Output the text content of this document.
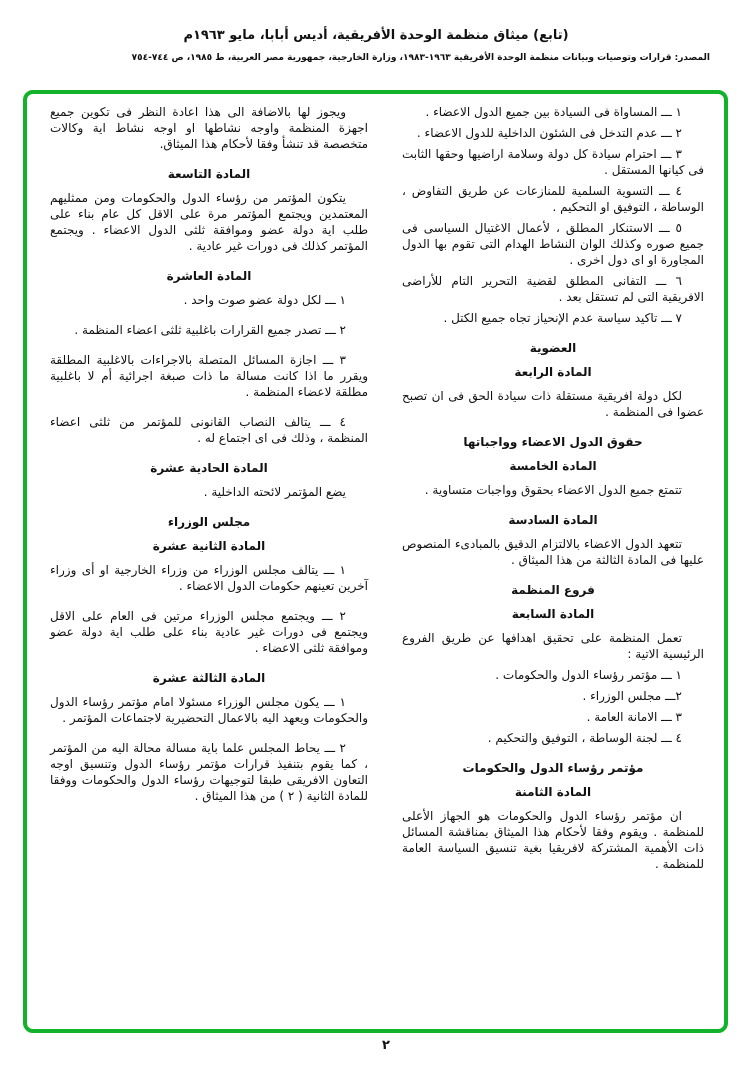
(تابع) ميثاق منظمة الوحدة الأفريقية، أديس أبابا، مايو ١٩٦٣م
المصدر: قرارات وتوصيات وبيانات منظمة الوحدة الأفريقية ١٩٦٣-١٩٨٣، وزارة الخارجية، جمهورية مصر العربية، ط ١٩٨٥، ص ٧٤٤-٧٥٤
١ ـــ المساواة فى السيادة بين جميع الدول الاعضاء .
٢ ـــ عدم التدخل فى الشئون الداخلية للدول الاعضاء .
٣ ـــ احترام سيادة كل دولة وسلامة اراضيها وحقها الثابت فى كيانها المستقل .
٤ ـــ التسوية السلمية للمنازعات عن طريق التفاوض ، الوساطة ، التوفيق او التحكيم .
٥ ـــ الاستنكار المطلق ، لأعمال الاغتيال السياسى فى جميع صوره وكذلك الوان النشاط الهدام التى تقوم بها الدول المجاورة او اى دول اخرى .
٦ ـــ التفانى المطلق لقضية التحرير التام للأراضى الافريقية التى لم تستقل بعد .
٧ ـــ تاكيد سياسة عدم الإنحياز تجاه جميع الكتل .
العضوية
المادة الرابعة
لكل دولة افريقية مستقلة ذات سيادة الحق فى ان تصبح عضوا فى المنظمة .
حقوق الدول الاعضاء وواجباتها
المادة الخامسة
تتمتع جميع الدول الاعضاء بحقوق وواجبات متساوية .
المادة السادسة
تتعهد الدول الاعضاء بالالتزام الدقيق بالمبادىء المنصوص عليها فى المادة الثالثة من هذا الميثاق .
فروع المنظمة
المادة السابعة
تعمل المنظمة على تحقيق اهدافها عن طريق الفروع الرئيسية الاتية :
١ ـــ مؤتمر رؤساء الدول والحكومات .
٢ـــ مجلس الوزراء .
٣ ـــ الامانة العامة .
٤ ـــ لجنة الوساطة ، التوفيق والتحكيم .
مؤتمر رؤساء الدول والحكومات
المادة الثامنة
ان مؤتمر رؤساء الدول والحكومات هو الجهاز الأعلى للمنظمة . ويقوم وفقا لأحكام هذا الميثاق بمناقشة المسائل ذات الأهمية المشتركة لافريقيا بغية تنسيق السياسة العامة للمنظمة .
ويجوز لها بالاضافة الى هذا اعادة النظر فى تكوين جميع اجهزة المنظمة واوجه نشاطها او اوجه نشاط اية وكالات متخصصة قد تنشأ وفقا لأحكام هذا الميثاق.
المادة التاسعة
يتكون المؤتمر من رؤساء الدول والحكومات ومن ممثليهم المعتمدين ويجتمع المؤتمر مرة على الاقل كل عام بناء على طلب اية دولة عضو وموافقة ثلثى الدول الاعضاء . ويجتمع المؤتمر كذلك فى دورات غير عادية .
المادة العاشرة
١ ـــ لكل دولة عضو صوت واحد .
٢ ـــ تصدر جميع القرارات باغلبية ثلثى اعضاء المنظمة .
٣ ـــ اجازة المسائل المتصلة بالاجراءات بالاغلبية المطلقة ويقرر ما اذا كانت مسالة ما ذات صبغة اجرائية أم لا باغلبية مطلقة لاعضاء المنظمة .
٤ ـــ يتالف النصاب القانونى للمؤتمر من ثلثى اعضاء المنظمة ، وذلك فى اى اجتماع له .
المادة الحادية عشرة
يضع المؤتمر لائحته الداخلية .
مجلس الوزراء
المادة الثانية عشرة
١ ـــ يتالف مجلس الوزراء من وزراء الخارجية او أى وزراء آخرين تعينهم حكومات الدول الاعضاء .
٢ ـــ ويجتمع مجلس الوزراء مرتين فى العام على الاقل ويجتمع فى دورات غير عادية بناء على طلب اية دولة عضو وموافقة ثلثى الاعضاء .
المادة الثالثة عشرة
١ ـــ يكون مجلس الوزراء مسئولا امام مؤتمر رؤساء الدول والحكومات ويعهد اليه بالاعمال التحضيرية لاجتماعات المؤتمر .
٢ ـــ يحاط المجلس علما باية مسالة محالة اليه من المؤتمر ، كما يقوم بتنفيذ قرارات مؤتمر رؤساء الدول وتنسيق اوجه التعاون الافريقى طبقا لتوجيهات رؤساء الدول والحكومات ووفقا للمادة الثانية ( ٢ ) من هذا الميثاق .
٢
